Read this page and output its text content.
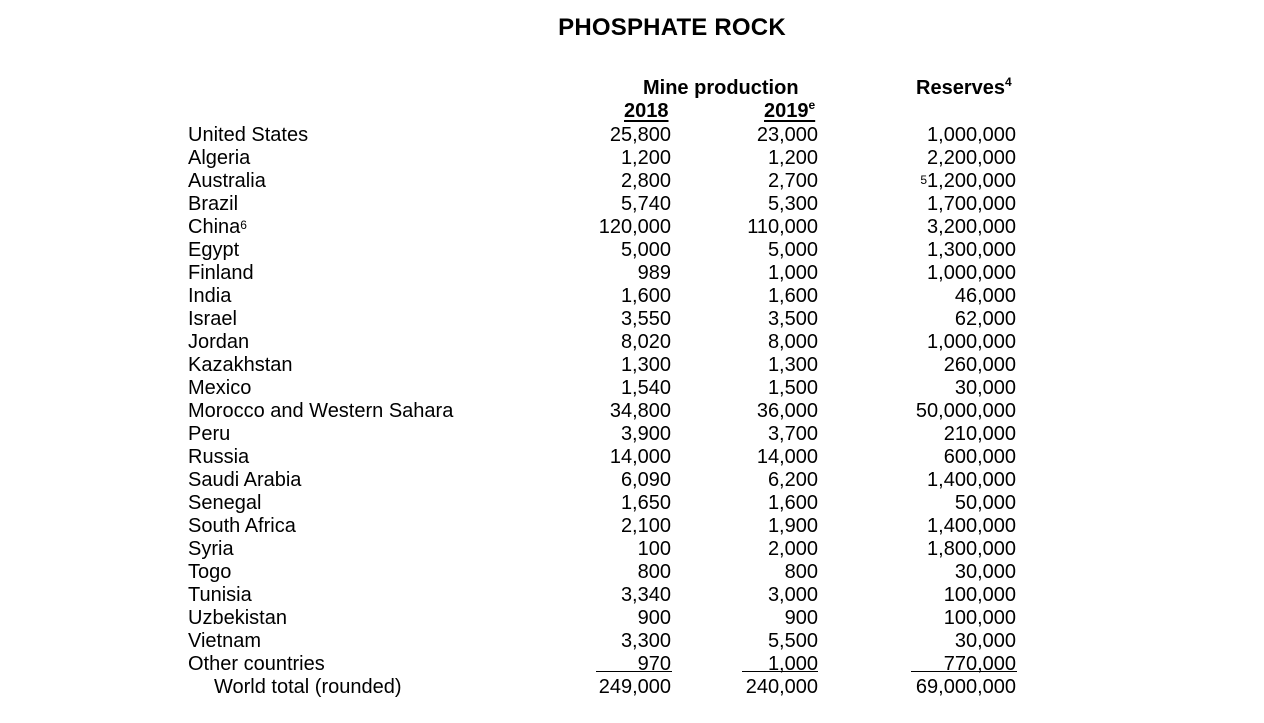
PHOSPHATE ROCK
Mine production	Reserves$^4$
2018	2019e
United States	25,800	23,000	1,000,000
Algeria	1,200	1,200	2,200,000
Australia	2,800	2,700	$^5$1,200,000
Brazil	5,740	5,300	1,700,000
China$^6$	120,000	110,000	3,200,000
Egypt	5,000	5,000	1,300,000
Finland	989	1,000	1,000,000
India	1,600	1,600	46,000
Israel	3,550	3,500	62,000
Jordan	8,020	8,000	1,000,000
Kazakhstan	1,300	1,300	260,000
Mexico	1,540	1,500	30,000
Morocco and Western Sahara	34,800	36,000	50,000,000
Peru	3,900	3,700	210,000
Russia	14,000	14,000	600,000
Saudi Arabia	6,090	6,200	1,400,000
Senegal	1,650	1,600	50,000
South Africa	2,100	1,900	1,400,000
Syria	100	2,000	1,800,000
Togo	800	800	30,000
Tunisia	3,340	3,000	100,000
Uzbekistan	900	900	100,000
Vietnam	3,300	5,500	30,000
Other countries	970	1,000	770,000
World total (rounded)	249,000	240,000	69,000,000
